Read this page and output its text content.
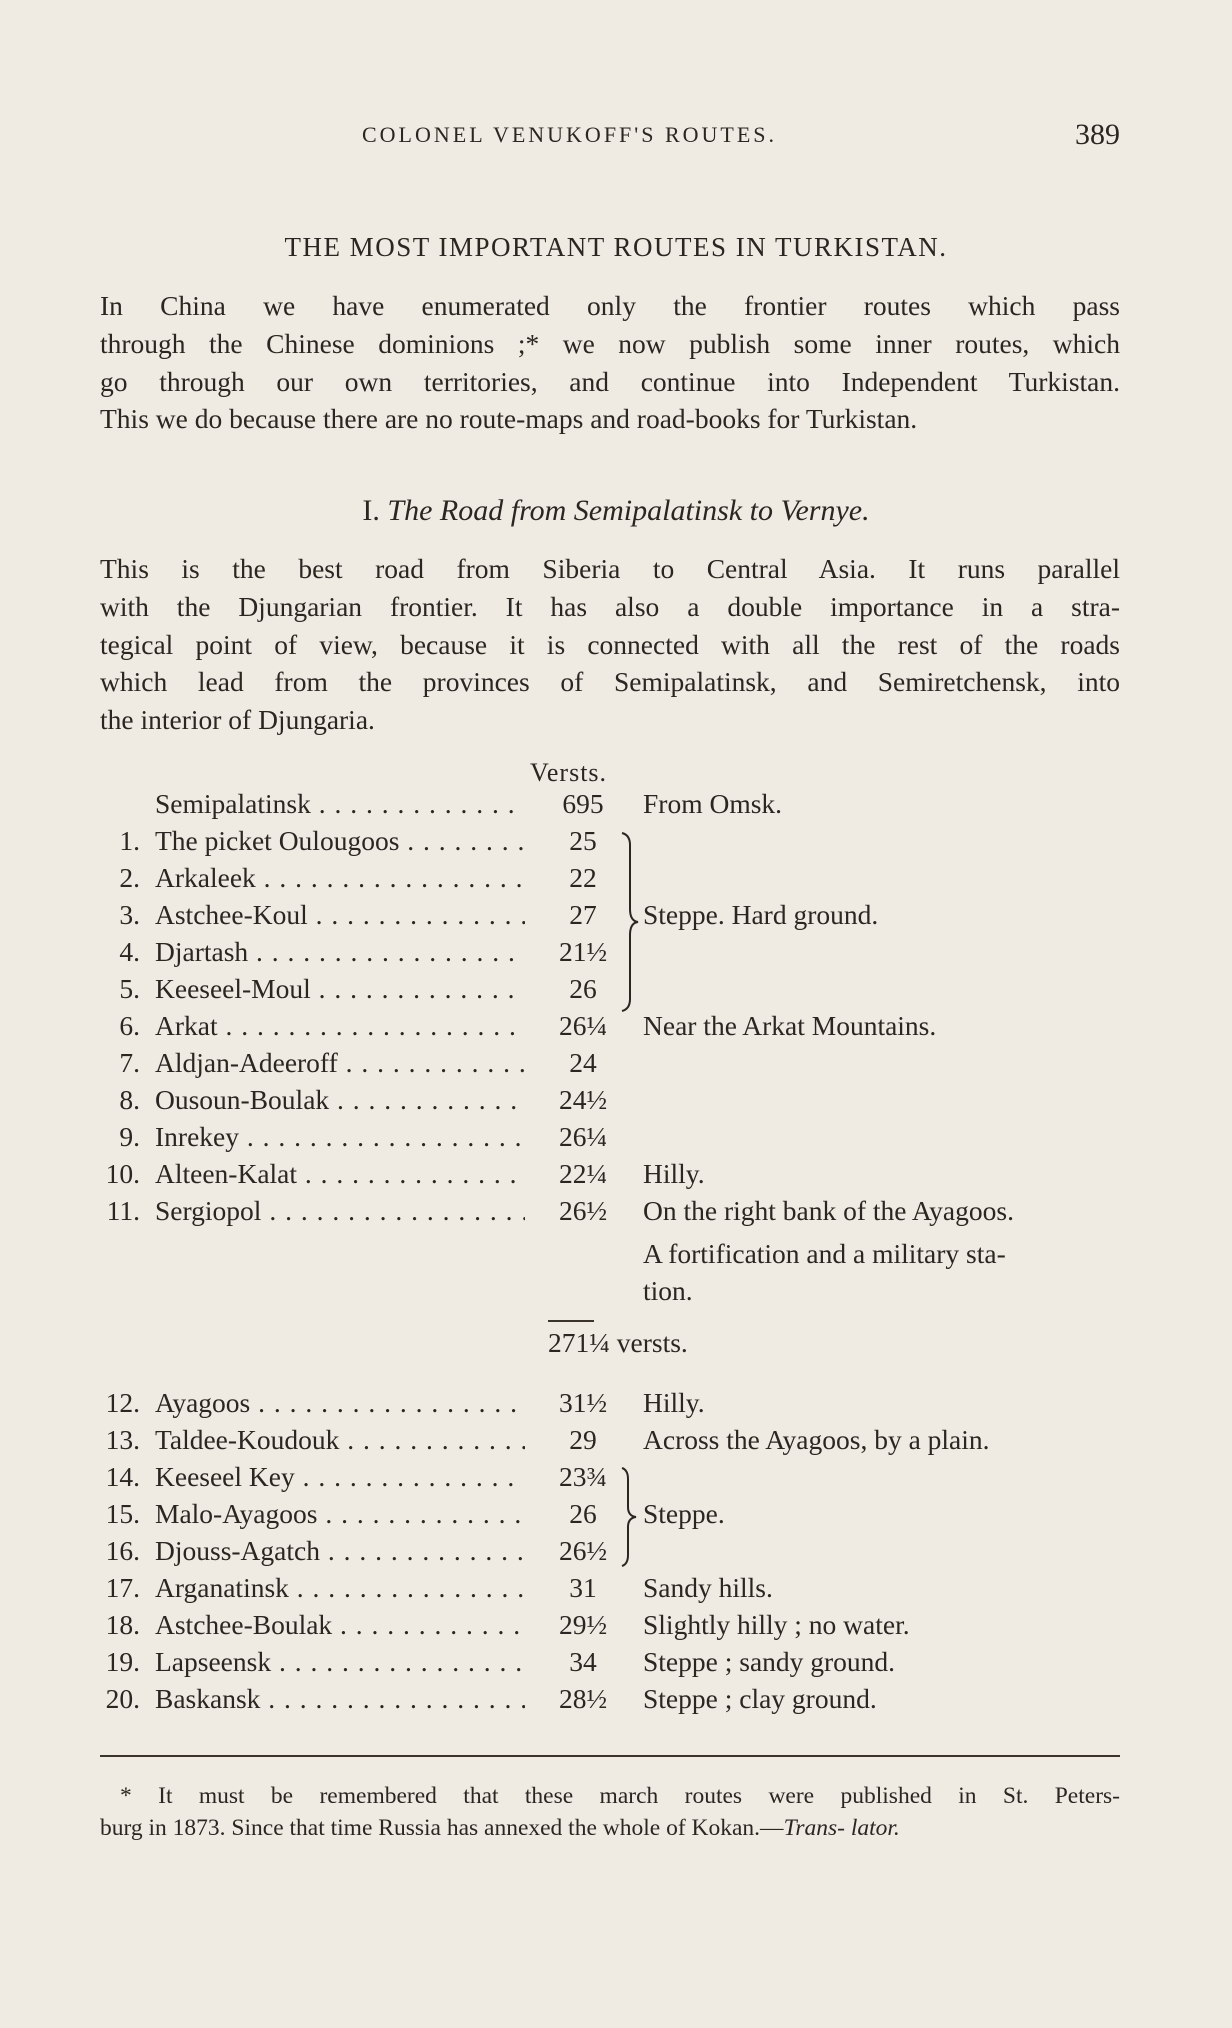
COLONEL VENUKOFF'S ROUTES.	389
THE MOST IMPORTANT ROUTES IN TURKISTAN.

In China we have enumerated only the frontier routes which pass
through the Chinese dominions ;* we now publish some inner routes, which
go through our own territories, and continue into Independent Turkistan.
This we do because there are no route-maps and road-books for Turkistan.

I. The Road from Semipalatinsk to Vernye.

This is the best road from Siberia to Central Asia. It runs parallel
with the Djungarian frontier. It has also a double importance in a stra-
tegical point of view, because it is connected with all the rest of the roads
which lead from the provinces of Semipalatinsk, and Semiretchensk, into
the interior of Djungaria.

Versts.
Semipalatinsk . . .	695	From Omsk.
1. The picket Oulougoos . . .	25
2. Arkaleek . . .	22
3. Astchee-Koul . . .	27	Steppe. Hard ground.
4. Djartash . . .	21½
5. Keeseel-Moul . . .	26
6. Arkat . . .	26¼	Near the Arkat Mountains.
7. Aldjan-Adeeroff . . .	24
8. Ousoun-Boulak . . .	24½
9. Inrekey . . .	26¼
10. Alteen-Kalat . . .	22¼	Hilly.
11. Sergiopol . . .	26½	On the right bank of the Ayagoos.
A fortification and a military sta-
tion.
271¼ versts.
12. Ayagoos . . .	31½	Hilly.
13. Taldee-Koudouk . . .	29	Across the Ayagoos, by a plain.
14. Keeseel Key . . .	23¾
15. Malo-Ayagoos . . .	26	Steppe.
16. Djouss-Agatch . . .	26½
17. Arganatinsk . . .	31	Sandy hills.
18. Astchee-Boulak . . .	29½	Slightly hilly ; no water.
19. Lapseensk . . .	34	Steppe ; sandy ground.
20. Baskansk . . .	28½	Steppe ; clay ground.

* It must be remembered that these march routes were published in St. Peters-
burg in 1873. Since that time Russia has annexed the whole of Kokan.—Trans- lator.
